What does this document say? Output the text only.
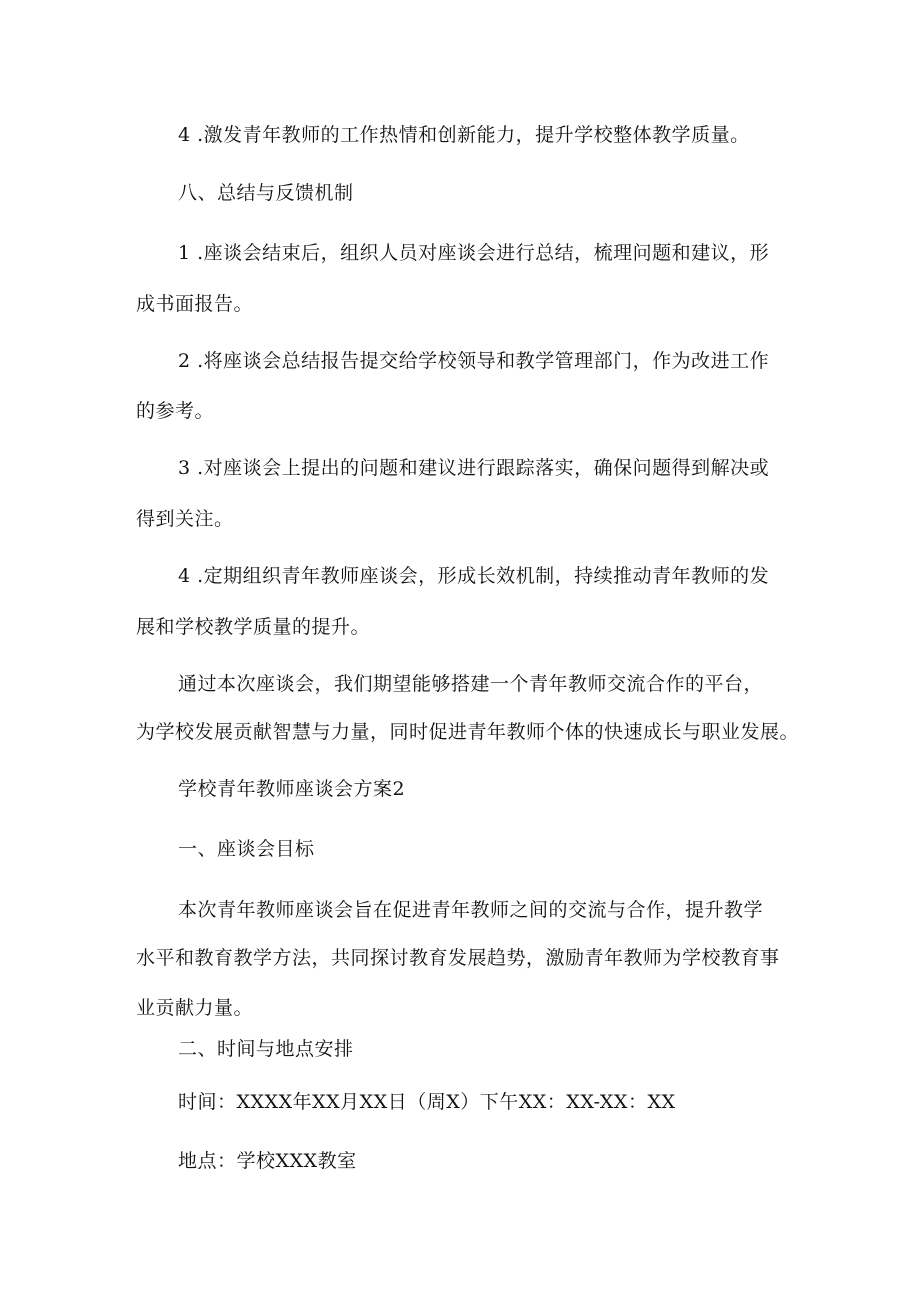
4 .激发青年教师的工作热情和创新能力，提升学校整体教学质量。
八、总结与反馈机制
1 .座谈会结束后，组织人员对座谈会进行总结，梳理问题和建议，形
成书面报告。
2 .将座谈会总结报告提交给学校领导和教学管理部门，作为改进工作
的参考。
3 .对座谈会上提出的问题和建议进行跟踪落实，确保问题得到解决或
得到关注。
4 .定期组织青年教师座谈会，形成长效机制，持续推动青年教师的发
展和学校教学质量的提升。
通过本次座谈会，我们期望能够搭建一个青年教师交流合作的平台，
为学校发展贡献智慧与力量，同时促进青年教师个体的快速成长与职业发展。
学校青年教师座谈会方案2
一、座谈会目标
本次青年教师座谈会旨在促进青年教师之间的交流与合作，提升教学
水平和教育教学方法，共同探讨教育发展趋势，激励青年教师为学校教育事
业贡献力量。
二、时间与地点安排
时间：XXXX年XX月XX日（周X）下午XX：XX-XX：XX
地点：学校XXX教室
